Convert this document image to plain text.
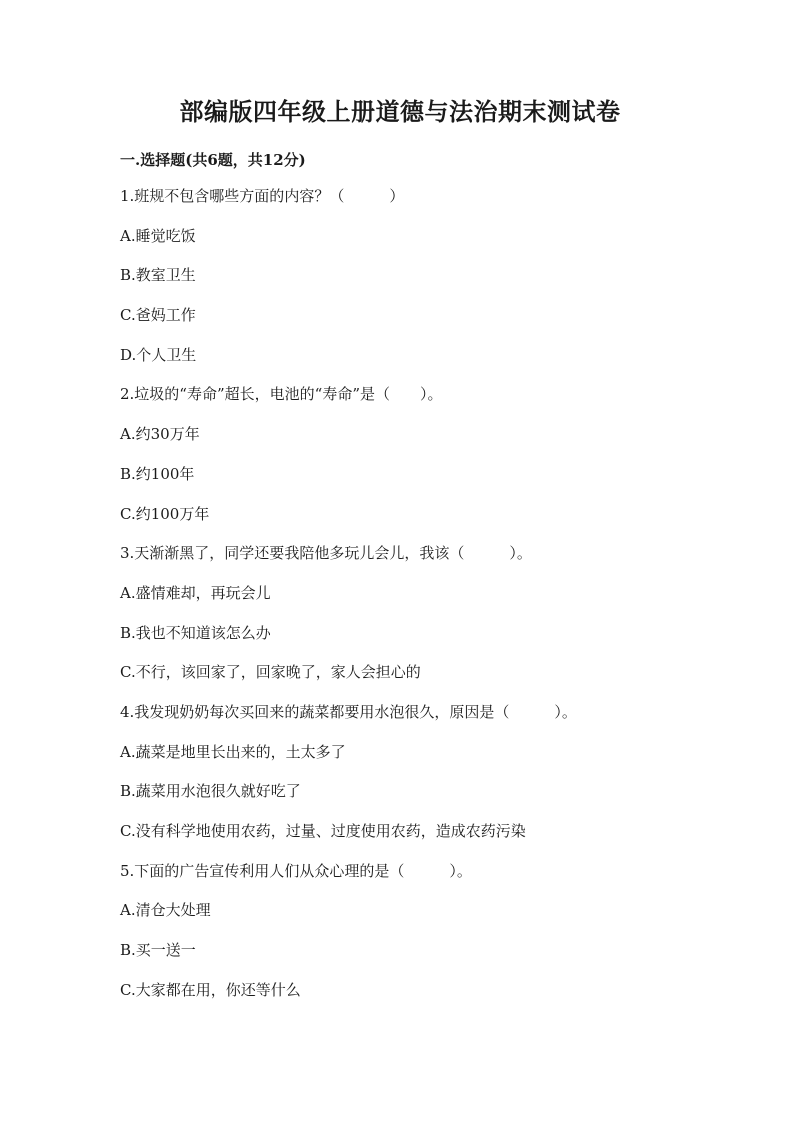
部编版四年级上册道德与法治期末测试卷
一.选择题(共6题，共12分)
1.班规不包含哪些方面的内容？（　　　）
A.睡觉吃饭
B.教室卫生
C.爸妈工作
D.个人卫生
2.垃圾的“寿命”超长，电池的“寿命”是（　　）。
A.约30万年
B.约100年
C.约100万年
3.天渐渐黑了，同学还要我陪他多玩儿会儿，我该（　　　）。
A.盛情难却，再玩会儿
B.我也不知道该怎么办
C.不行，该回家了，回家晚了，家人会担心的
4.我发现奶奶每次买回来的蔬菜都要用水泡很久，原因是（　　　）。
A.蔬菜是地里长出来的，土太多了
B.蔬菜用水泡很久就好吃了
C.没有科学地使用农药，过量、过度使用农药，造成农药污染
5.下面的广告宣传利用人们从众心理的是（　　　）。
A.清仓大处理
B.买一送一
C.大家都在用，你还等什么
